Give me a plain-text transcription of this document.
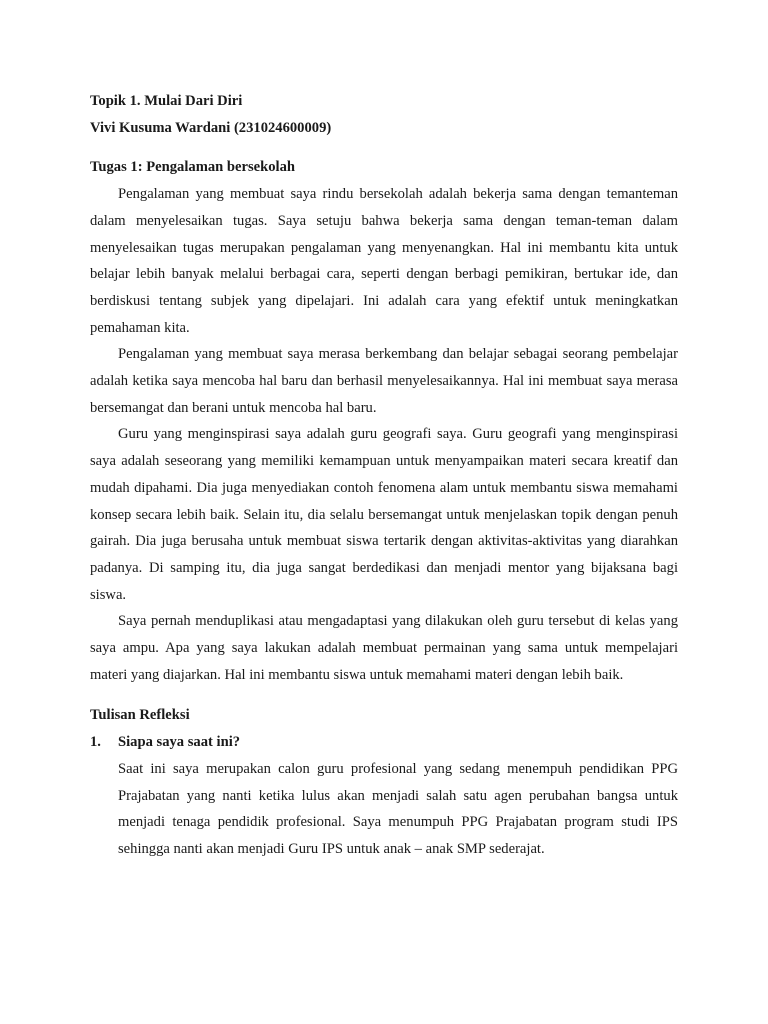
Topik 1. Mulai Dari Diri

Vivi Kusuma Wardani (231024600009)

Tugas 1: Pengalaman bersekolah

Pengalaman yang membuat saya rindu bersekolah adalah bekerja sama dengan temanteman dalam menyelesaikan tugas. Saya setuju bahwa bekerja sama dengan teman-teman dalam menyelesaikan tugas merupakan pengalaman yang menyenangkan. Hal ini membantu kita untuk belajar lebih banyak melalui berbagai cara, seperti dengan berbagi pemikiran, bertukar ide, dan berdiskusi tentang subjek yang dipelajari. Ini adalah cara yang efektif untuk meningkatkan pemahaman kita.

Pengalaman yang membuat saya merasa berkembang dan belajar sebagai seorang pembelajar adalah ketika saya mencoba hal baru dan berhasil menyelesaikannya. Hal ini membuat saya merasa bersemangat dan berani untuk mencoba hal baru.

Guru yang menginspirasi saya adalah guru geografi saya. Guru geografi yang menginspirasi saya adalah seseorang yang memiliki kemampuan untuk menyampaikan materi secara kreatif dan mudah dipahami. Dia juga menyediakan contoh fenomena alam untuk membantu siswa memahami konsep secara lebih baik. Selain itu, dia selalu bersemangat untuk menjelaskan topik dengan penuh gairah. Dia juga berusaha untuk membuat siswa tertarik dengan aktivitas-aktivitas yang diarahkan padanya. Di samping itu, dia juga sangat berdedikasi dan menjadi mentor yang bijaksana bagi siswa.

Saya pernah menduplikasi atau mengadaptasi yang dilakukan oleh guru tersebut di kelas yang saya ampu. Apa yang saya lakukan adalah membuat permainan yang sama untuk mempelajari materi yang diajarkan. Hal ini membantu siswa untuk memahami materi dengan lebih baik.

Tulisan Refleksi

1. Siapa saya saat ini?

Saat ini saya merupakan calon guru profesional yang sedang menempuh pendidikan PPG Prajabatan yang nanti ketika lulus akan menjadi salah satu agen perubahan bangsa untuk menjadi tenaga pendidik profesional. Saya menumpuh PPG Prajabatan program studi IPS sehingga nanti akan menjadi Guru IPS untuk anak – anak SMP sederajat.
